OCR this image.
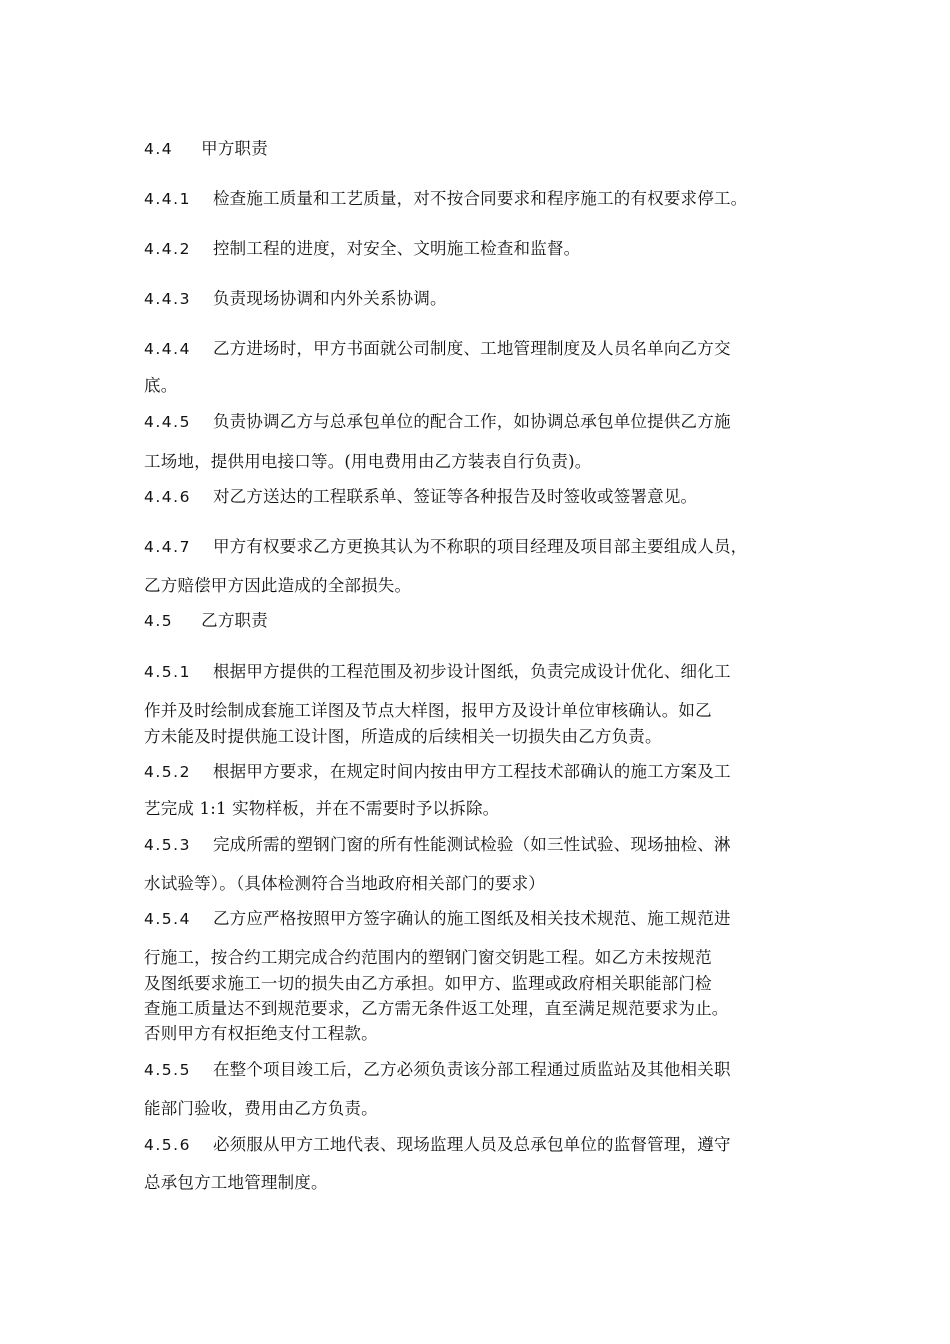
4.4 甲方职责
4.4.1 检查施工质量和工艺质量，对不按合同要求和程序施工的有权要求停工。
4.4.2 控制工程的进度，对安全、文明施工检查和监督。
4.4.3 负责现场协调和内外关系协调。
4.4.4 乙方进场时，甲方书面就公司制度、工地管理制度及人员名单向乙方交
底。
4.4.5 负责协调乙方与总承包单位的配合工作，如协调总承包单位提供乙方施
工场地，提供用电接口等。(用电费用由乙方装表自行负责)。
4.4.6 对乙方送达的工程联系单、签证等各种报告及时签收或签署意见。
4.4.7 甲方有权要求乙方更换其认为不称职的项目经理及项目部主要组成人员，
乙方赔偿甲方因此造成的全部损失。
4.5 乙方职责
4.5.1 根据甲方提供的工程范围及初步设计图纸，负责完成设计优化、细化工
作并及时绘制成套施工详图及节点大样图，报甲方及设计单位审核确认。如乙
方未能及时提供施工设计图，所造成的后续相关一切损失由乙方负责。
4.5.2 根据甲方要求，在规定时间内按由甲方工程技术部确认的施工方案及工
艺完成 1:1 实物样板，并在不需要时予以拆除。
4.5.3 完成所需的塑钢门窗的所有性能测试检验（如三性试验、现场抽检、淋
水试验等）。（具体检测符合当地政府相关部门的要求）
4.5.4 乙方应严格按照甲方签字确认的施工图纸及相关技术规范、施工规范进
行施工，按合约工期完成合约范围内的塑钢门窗交钥匙工程。如乙方未按规范
及图纸要求施工一切的损失由乙方承担。如甲方、监理或政府相关职能部门检
查施工质量达不到规范要求，乙方需无条件返工处理，直至满足规范要求为止。
否则甲方有权拒绝支付工程款。
4.5.5 在整个项目竣工后，乙方必须负责该分部工程通过质监站及其他相关职
能部门验收，费用由乙方负责。
4.5.6 必须服从甲方工地代表、现场监理人员及总承包单位的监督管理，遵守
总承包方工地管理制度。
